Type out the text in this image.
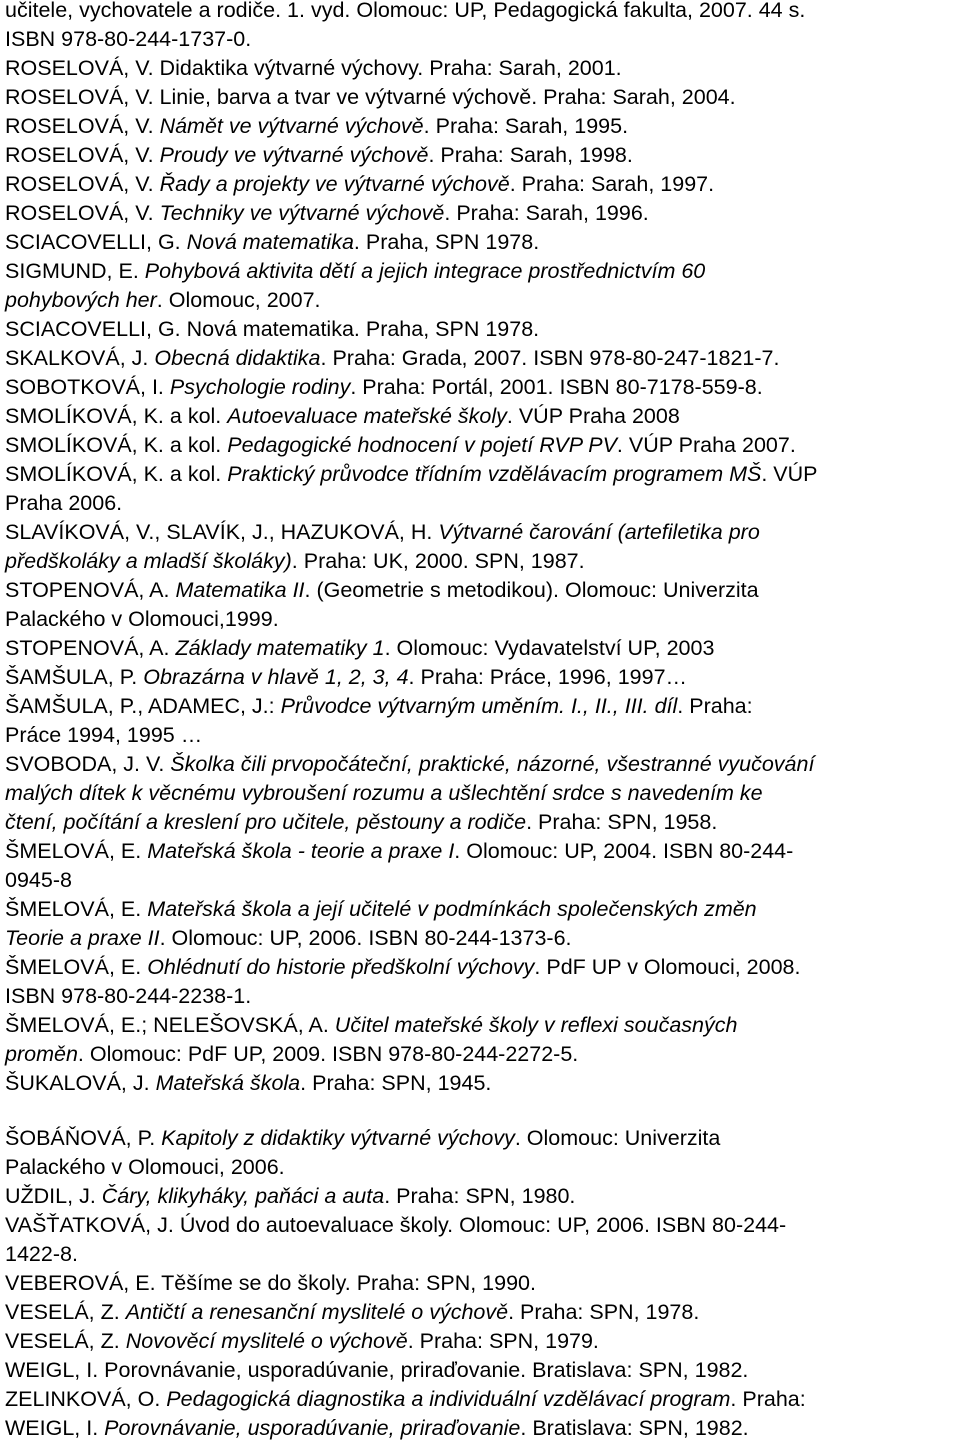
učitele, vychovatele a rodiče. 1. vyd. Olomouc: UP, Pedagogická fakulta, 2007. 44 s.
ISBN 978-80-244-1737-0.
ROSELOVÁ, V. Didaktika výtvarné výchovy. Praha: Sarah, 2001.
ROSELOVÁ, V. Linie, barva a tvar ve výtvarné výchově. Praha: Sarah, 2004.
ROSELOVÁ, V. Námět ve výtvarné výchově. Praha: Sarah, 1995.
ROSELOVÁ, V. Proudy ve výtvarné výchově. Praha: Sarah, 1998.
ROSELOVÁ, V. Řady a projekty ve výtvarné výchově. Praha: Sarah, 1997.
ROSELOVÁ, V. Techniky ve výtvarné výchově. Praha: Sarah, 1996.
SCIACOVELLI, G. Nová matematika. Praha, SPN 1978.
SIGMUND, E. Pohybová aktivita dětí a jejich integrace prostřednictvím 60
pohybových her. Olomouc, 2007.
SCIACOVELLI, G. Nová matematika. Praha, SPN 1978.
SKALKOVÁ, J. Obecná didaktika. Praha: Grada, 2007. ISBN 978-80-247-1821-7.
SOBOTKOVÁ, I. Psychologie rodiny. Praha: Portál, 2001. ISBN 80-7178-559-8.
SMOLÍKOVÁ, K. a kol. Autoevaluace mateřské školy. VÚP Praha 2008
SMOLÍKOVÁ, K. a kol. Pedagogické hodnocení v pojetí RVP PV. VÚP Praha 2007.
SMOLÍKOVÁ, K. a kol. Praktický průvodce třídním vzdělávacím programem MŠ. VÚP
Praha 2006.
SLAVÍKOVÁ, V., SLAVÍK, J., HAZUKOVÁ, H. Výtvarné čarování (artefiletika pro
předškoláky a mladší školáky). Praha: UK, 2000. SPN, 1987.
STOPENOVÁ, A. Matematika II. (Geometrie s metodikou). Olomouc: Univerzita
Palackého v Olomouci,1999.
STOPENOVÁ, A. Základy matematiky 1. Olomouc: Vydavatelství UP, 2003
ŠAMŠULA, P. Obrazárna v hlavě 1, 2, 3, 4. Praha: Práce, 1996, 1997…
ŠAMŠULA, P., ADAMEC, J.: Průvodce výtvarným uměním. I., II., III. díl. Praha:
Práce 1994, 1995 …
SVOBODA, J. V. Školka čili prvopočáteční, praktické, názorné, všestranné vyučování
malých dítek k věcnému vybroušení rozumu a ušlechtění srdce s navedením ke
čtení, počítání a kreslení pro učitele, pěstouny a rodiče. Praha: SPN, 1958.
ŠMELOVÁ, E. Mateřská škola - teorie a praxe I. Olomouc: UP, 2004. ISBN 80-244-
0945-8
ŠMELOVÁ, E. Mateřská škola a její učitelé v podmínkách společenských změn
Teorie a praxe II. Olomouc: UP, 2006. ISBN 80-244-1373-6.
ŠMELOVÁ, E. Ohlédnutí do historie předškolní výchovy. PdF UP v Olomouci, 2008.
ISBN 978-80-244-2238-1.
ŠMELOVÁ, E.; NELEŠOVSKÁ, A. Učitel mateřské školy v reflexi současných
proměn. Olomouc: PdF UP, 2009. ISBN 978-80-244-2272-5.
ŠUKALOVÁ, J. Mateřská škola. Praha: SPN, 1945.
ŠOBÁŇOVÁ, P. Kapitoly z didaktiky výtvarné výchovy. Olomouc: Univerzita
Palackého v Olomouci, 2006.
UŽDIL, J. Čáry, klikyháky, paňáci a auta. Praha: SPN, 1980.
VAŠŤATKOVÁ, J. Úvod do autoevaluace školy. Olomouc: UP, 2006. ISBN 80-244-
1422-8.
VEBEROVÁ, E. Těšíme se do školy. Praha: SPN, 1990.
VESELÁ, Z. Antičtí a renesanční myslitelé o výchově. Praha: SPN, 1978.
VESELÁ, Z. Novověcí myslitelé o výchově. Praha: SPN, 1979.
WEIGL, I. Porovnávanie, usporadúvanie, priraďovanie. Bratislava: SPN, 1982.
ZELINKOVÁ, O. Pedagogická diagnostika a individuální vzdělávací program. Praha:
WEIGL, I. Porovnávanie, usporadúvanie, priraďovanie. Bratislava: SPN, 1982.
